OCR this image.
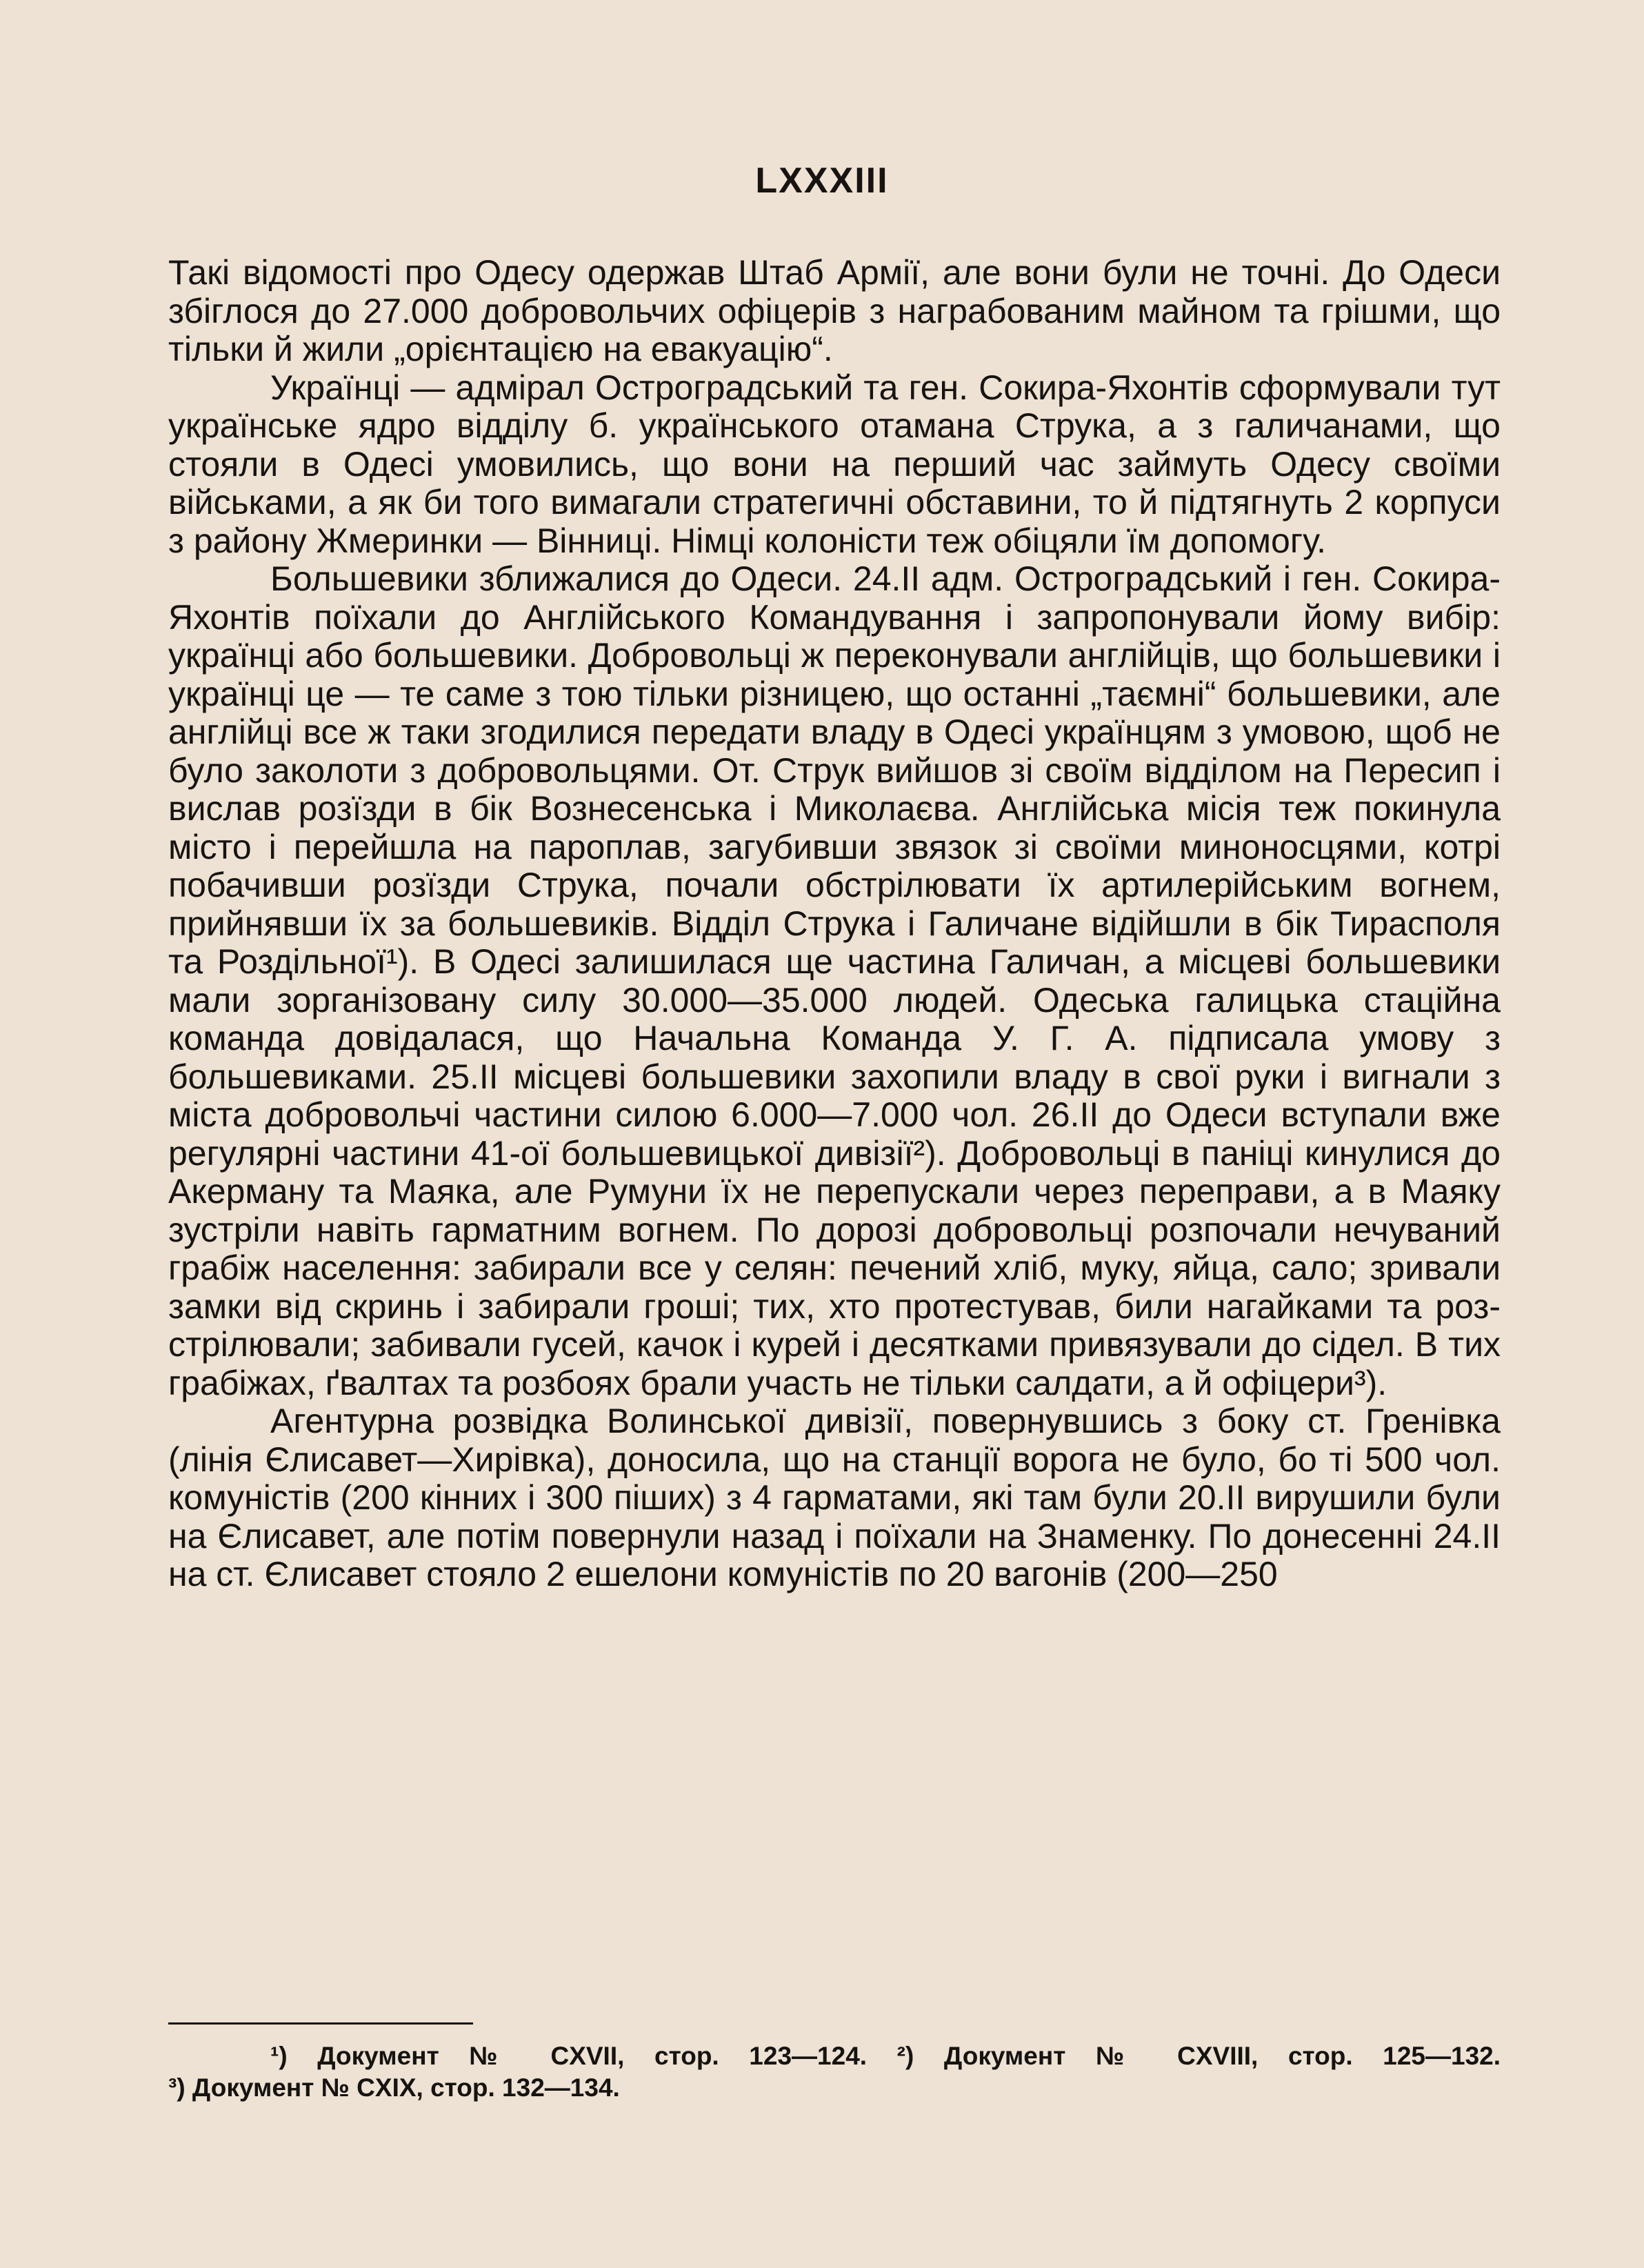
LXXXIII

Такі відомості про Одесу одержав Штаб Армії, але вони були не точні. До Одеси збіглося до 27.000 добровольчих офіцерів з награбованим майном та грішми, що тільки й жили „орієнтацією на евакуацію“.

Українці — адмірал Остроградський та ген. Сокира-Яхонтів сформували тут українське ядро відділу б. українського отамана Струка, а з галичанами, що стояли в Одесі умовились, що вони на перший час займуть Одесу своїми військами, а як би того вимагали стратегичні обставини, то й підтягнуть 2 корпуси з району Жмеринки — Вінниці. Німці колоністи теж обіцяли їм допомогу.

Большевики зближалися до Одеси. 24.II адм. Остроградський і ген. Сокира-Яхонтів поїхали до Англійського Командування і запропонували йому вибір: українці або большевики. Добровольці ж переконували англійців, що большевики і українці це — те саме з тою тільки різницею, що останні „таємні“ большевики, але англійці все ж таки згодилися передати владу в Одесі українцям з умовою, щоб не було заколоти з добровольцями. От. Струк вийшов зі своїм відділом на Пересип і вислав розїзди в бік Вознесенська і Миколаєва. Англійська місія теж покинула місто і перейшла на пароплав, загубивши звязок зі своїми миноносцями, котрі побачивши розїзди Струка, почали обстрілювати їх артилерійським вогнем, прийнявши їх за большевиків. Відділ Струка і Галичане відійшли в бік Тирасполя та Роздільної¹). В Одесі залишилася ще частина Галичан, а місцеві большевики мали зорганізовану силу 30.000—35.000 людей. Одеська галицька стаційна команда довідалася, що Начальна Команда У. Г. А. підписала умову з большевиками. 25.II місцеві большевики захопили владу в свої руки і вигнали з міста добровольчі частини силою 6.000—7.000 чол. 26.II до Одеси вступали вже регулярні частини 41-ої большевицької дивізії²). Добровольці в паніці кинулися до Акерману та Маяка, але Румуни їх не перепускали через переправи, а в Маяку зустріли навіть гарматним вогнем. По дорозі добровольці розпочали нечуваний грабіж населення: забирали все у селян: печений хліб, муку, яйца, сало; зривали замки від скринь і забирали гроші; тих, хто протестував, били нагайками та розстрілювали; забивали гусей, качок і курей і десятками привязували до сідел. В тих грабіжах, ґвалтах та розбоях брали участь не тільки салдати, а й офіцери³).

Агентурна розвідка Волинської дивізії, повернувшись з боку ст. Гренівка (лінія Єлисавет—Хирівка), доносила, що на станції ворога не було, бо ті 500 чол. комуністів (200 кінних і 300 піших) з 4 гарматами, які там були 20.II вирушили були на Єлисавет, але потім повернули назад і поїхали на Знаменку. По донесенні 24.II на ст. Єлисавет стояло 2 ешелони комуністів по 20 вагонів (200—250

¹) Документ № CXVII, стор. 123—124. ²) Документ № CXVIII, стор. 125—132.
³) Документ № CXIX, стор. 132—134.
